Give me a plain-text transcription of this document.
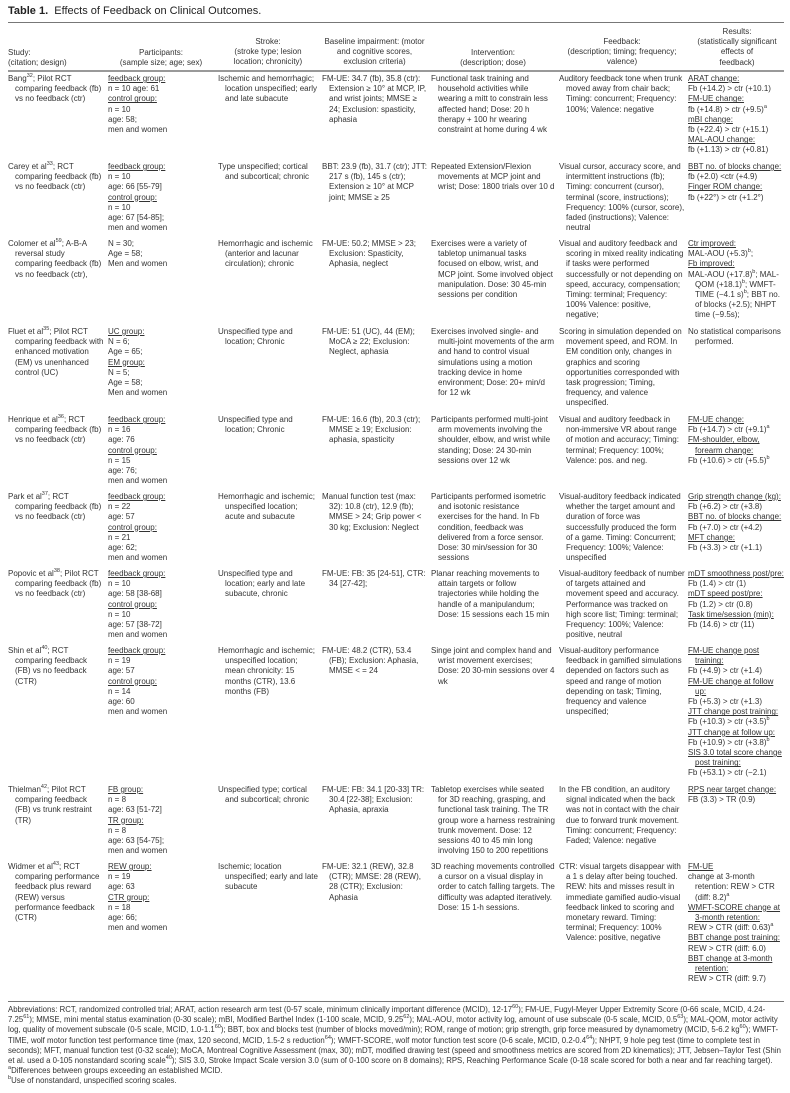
Table 1. Effects of Feedback on Clinical Outcomes.
Study:
(citation; design)
Participants:
(sample size; age; sex)
Stroke:
(stroke type; lesion
location; chronicity)
Baseline impairment: (motor
and cognitive scores,
exclusion criteria)
Intervention:
(description; dose)
Feedback:
(description; timing; frequency; valence)
Results:
(statistically significant effects of
feedback)
Bang$^{32}$; Pilot RCT comparing feedback (fb) vs no feedback (ctr)
feedback group:
n = 10 age: 61
control group:
n = 10
age: 58;
men and women
Ischemic and hemorrhagic; location unspecified; early and late subacute
FM-UE: 34.7 (fb), 35.8 (ctr): Extension ≥ 10° at MCP, IP, and wrist joints; MMSE ≥ 24; Exclusion: spasticity, aphasia
Functional task training and household activities while wearing a mitt to constrain less affected hand; Dose: 20 h therapy + 100 hr wearing constraint at home during 4 wk
Auditory feedback tone when trunk moved away from chair back; Timing: concurrent; Frequency: 100%; Valence: negative
ARAT change:
Fb (+14.2) > ctr (+10.1)
FM-UE change:
fb (+14.8) > ctr $(+9.5)^a$
mBI change:
fb (+22.4) > ctr (+15.1)
MAL-AOU change:
fb (+1.13) > ctr (+0.81)
Carey et $al^{33}$; RCT comparing feedback (fb) vs no feedback (ctr)
feedback group:
n = 10
age: 66 [55-79]
control group:
n = 10
age: 67 [54-85];
men and women
Type unspecified; cortical and subcortical; chronic
BBT: 23.9 (fb), 31.7 (ctr); JTT: 217 s (fb), 145 s (ctr); Extension ≥ 10° at MCP joint; MMSE ≥ 25
Repeated Extension/Flexion movements at MCP joint and wrist; Dose: 1800 trials over 10 d
Visual cursor, accuracy score, and intermittent instructions (fb); Timing: concurrent (cursor), terminal (score, instructions); Frequency: 100% (cursor, score), faded (instructions); Valence: neutral
BBT no. of blocks change:
fb (+2.0) <ctr (+4.9)
Finger ROM change:
fb (+22°) > ctr (+1.2°)
Colomer et $al^{59}$; A-B-A reversal study comparing feedback (fb) vs no feedback (ctr),
N = 30;
Age = 58;
Men and women
Hemorrhagic and ischemic (anterior and lacunar circulation); chronic
FM-UE: 50.2; MMSE > 23; Exclusion: Spasticity, Aphasia, neglect
Exercises were a variety of tabletop unimanual tasks focused on elbow, wrist, and MCP joint. Some involved object manipulation. Dose: 30 45-min sessions per condition
Visual and auditory feedback and scoring in mixed reality indicating if tasks were performed successfully or not depending on speed, accuracy, compensation; Timing: terminal; Frequency: 100% Valence: positive, negative;
Ctr improved:
MAL-AOU $(+5.3)^b$;
Fb improved:
MAL-AOU $(+17.8)^b$; MAL-QOM $(+18.1)^b$; WMFT-TIME (−4.1 s)$^b$; BBT no. of blocks (+2.5); NHPT time (−9.5s);
Fluet et $al^{35}$; Pilot RCT comparing feedback with enhanced motivation (EM) vs unenhanced control (UC)
UC group:
N = 6;
Age = 65;
EM group:
N = 5;
Age = 58;
Men and women
Unspecified type and location; Chronic
FM-UE: 51 (UC), 44 (EM); MoCA ≥ 22; Exclusion: Neglect, aphasia
Exercises involved single- and multi-joint movements of the arm and hand to control visual simulations using a motion tracking device in home environment; Dose: 20+ min/d for 12 wk
Scoring in simulation depended on movement speed, and ROM. In EM condition only, changes in graphics and scoring opportunities corresponded with task progression; Timing, frequency, and valence unspecified.
No statistical comparisons performed.
Henrique et $al^{36}$; RCT comparing feedback (fb) vs no feedback (ctr)
feedback group:
n = 16
age: 76
control group:
n = 15
age: 76;
men and women
Unspecified type and location; Chronic
FM-UE: 16.6 (fb), 20.3 (ctr); MMSE ≥ 19; Exclusion: aphasia, spasticity
Participants performed multi-joint arm movements involving the shoulder, elbow, and wrist while standing; Dose: 24 30-min sessions over 12 wk
Visual and auditory feedback in non-immersive VR about range of motion and accuracy; Timing: terminal; Frequency: 100%; Valence: pos. and neg.
FM-UE change:
Fb (+14.7) > ctr $(+9.1)^a$
FM-shoulder, elbow, forearm change:
Fb (+10.6) > ctr $(+5.5)^b$
Park et $al^{37}$; RCT comparing feedback (fb) vs no feedback (ctr)
feedback group:
n = 22
age: 57
control group:
n = 21
age: 62;
men and women
Hemorrhagic and ischemic; unspecified location; acute and subacute
Manual function test (max: 32): 10.8 (ctr), 12.9 (fb); MMSE > 24; Grip power < 30 kg; Exclusion: Neglect
Participants performed isometric and isotonic resistance exercises for the hand. In Fb condition, feedback was delivered from a force sensor. Dose: 30 min/session for 30 sessions
Visual-auditory feedback indicated whether the target amount and duration of force was successfully produced the form of a game. Timing: Concurrent; Frequency: 100%; Valence: unspecified
Grip strength change (kg):
Fb (+6.2) > ctr (+3.8)
BBT no. of blocks change:
Fb (+7.0) > ctr (+4.2)
MFT change:
Fb (+3.3) > ctr (+1.1)
Popovic et $al^{38}$; Pilot RCT comparing feedback (fb) vs no feedback (ctr)
feedback group:
n = 10
age: 58 [38-68]
control group:
n = 10
age: 57 [38-72]
men and women
Unspecified type and location; early and late subacute, chronic
FM-UE: FB: 35 [24-51], CTR: 34 [27-42];
Planar reaching movements to attain targets or follow trajectories while holding the handle of a manipulandum; Dose: 15 sessions each 15 min
Visual-auditory feedback of number of targets attained and movement speed and accuracy. Performance was tracked on high score list; Timing: terminal; Frequency: 100%; Valence: positive, neutral
mDT smoothness post/pre:
Fb (1.4) > ctr (1)
mDT speed post/pre:
Fb (1.2) > ctr (0.8)
Task time/session (min):
Fb (14.6) > ctr (11)
Shin et $al^{40}$; RCT comparing feedback (FB) vs no feedback (CTR)
feedback group:
n = 19
age: 57
control group:
n = 14
age: 60
men and women
Hemorrhagic and ischemic; unspecified location; mean chronicity: 15 months (CTR), 13.6 months (FB)
FM-UE: 48.2 (CTR), 53.4 (FB); Exclusion: Aphasia, MMSE < = 24
Singe joint and complex hand and wrist movement exercises; Dose: 20 30-min sessions over 4 wk
Visual-auditory performance feedback in gamified simulations depended on factors such as speed and range of motion depending on task; Timing, frequency and valence unspecified;
FM-UE change post training:
Fb (+4.9) > ctr (+1.4)
FM-UE change at follow up:
Fb (+5.3) > ctr (+1.3)
JTT change post training:
Fb (+10.3) > ctr $(+3.5)^b$
JTT change at follow up:
Fb (+10.9) > ctr $(+3.8)^b$
SIS 3.0 total score change post training:
Fb (+53.1) > ctr (−2.1)
Thielman$^{42}$; Pilot RCT comparing feedback (FB) vs trunk restraint (TR)
FB group:
n = 8
age: 63 [51-72]
TR group:
n = 8
age: 63 [54-75];
men and women
Unspecified type; cortical and subcortical; chronic
FM-UE: FB: 34.1 [20-33] TR: 30.4 [22-38]; Exclusion: Aphasia, apraxia
Tabletop exercises while seated for 3D reaching, grasping, and functional task training. The TR group wore a harness restraining trunk movement. Dose: 12 sessions 40 to 45 min long involving 150 to 200 repetitions
In the FB condition, an auditory signal indicated when the back was not in contact with the chair due to forward trunk movement. Timing: concurrent; Frequency: Faded; Valence: negative
RPS near target change:
FB (3.3) > TR (0.9)
Widmer et $al^{43}$; RCT comparing performance feedback plus reward (REW) versus performance feedback (CTR)
REW group:
n = 19
age: 63
CTR group:
n = 18
age: 66;
men and women
Ischemic; location unspecified; early and late subacute
FM-UE: 32.1 (REW), 32.8 (CTR); MMSE: 28 (REW), 28 (CTR); Exclusion: Aphasia
3D reaching movements controlled a cursor on a visual display in order to catch falling targets. The difficulty was adapted iteratively. Dose: 15 1-h sessions.
CTR: visual targets disappear with a 1 s delay after being touched. REW: hits and misses result in immediate gamified audio-visual feedback linked to scoring and monetary reward. Timing: terminal; Frequency: 100% Valence: positive, negative
FM-UE
change at 3-month retention: REW > CTR (diff: 8.2)$^a$
WMFT-SCORE change at 3-month retention:
REW > CTR (diff: 0.63)$^a$
BBT change post training:
REW > CTR (diff: 6.0)
BBT change at 3-month retention:
REW > CTR (diff: 9.7)
Abbreviations: RCT, randomized controlled trial; ARAT, action research arm test (0-57 scale, minimum clinically important difference (MCID), $12-17^{60}$); FM-UE, Fugyl-Meyer Upper Extremity Score (0-66 scale, MCID, 4.24-7.25$^{61}$); MMSE, mini mental status examination (0-30 scale); mBI, Modified Barthel Index (1-100 scale, MCID, 9.25$^{62}$); MAL-AOU, motor activity log, amount of use subscale (0-5 scale, MCID, $0.5^{63}$); MAL-QOM, motor activity log, quality of movement subscale (0-5 scale, MCID, $1.0-1.1^{60}$); BBT, box and blocks test (number of blocks moved/min); ROM, range of motion; grip strength, grip force measured by dynamometry (MCID, 5-6.2 $kg^{60}$); WMFT-TIME, wolf motor function test performance time (max, 120 second, MCID, 1.5-2 s reduction$^{64}$); WMFT-SCORE, wolf motor function test score (0-6 scale, MCID, $0.2-0.4^{64}$); NHPT, 9 hole peg test (time to complete test in seconds); MFT, manual function test (0-32 scale); MoCA, Montreal Cognitive Assessment (max, 30); mDT, modified drawing test (speed and smoothness metrics are scored from 2D kinematics); JTT, Jebsen–Taylor Test (Shin et al. used a 0-105 nonstandard scoring scale$^{40}$); SIS 3.0, Stroke Impact Scale version 3.0 (sum of 0-100 score on 8 domains); RPS, Reaching Performance Scale (0-18 scale scored for both a near and far reaching target).
$^a$Differences between groups exceeding an established MCID.
$^b$Use of nonstandard, unspecified scoring scales.
